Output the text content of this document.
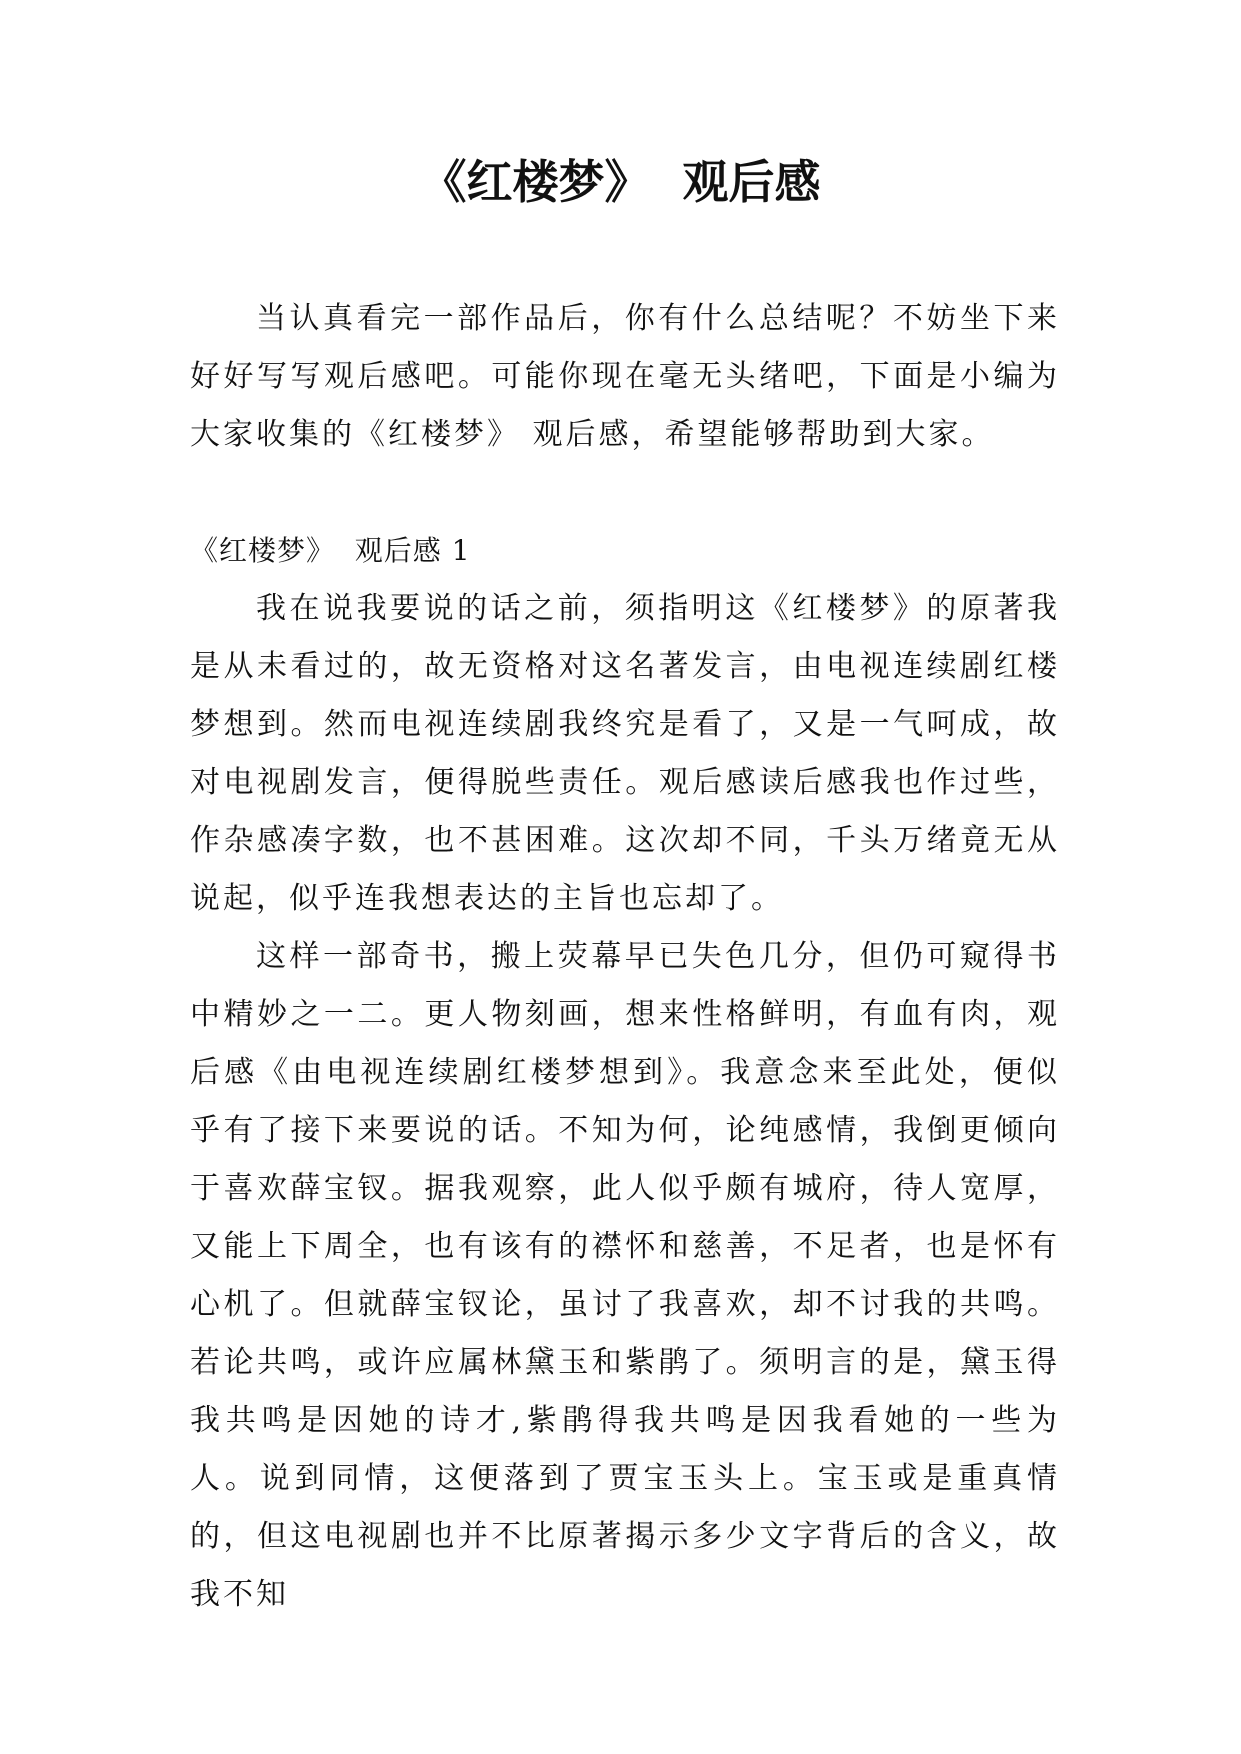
《红楼梦》  观后感

当认真看完一部作品后，你有什么总结呢？不妨坐下来好好写写观后感吧。可能你现在毫无头绪吧，下面是小编为大家收集的《红楼梦》 观后感，希望能够帮助到大家。

《红楼梦》  观后感 1

我在说我要说的话之前，须指明这《红楼梦》的原著我是从未看过的，故无资格对这名著发言，由电视连续剧红楼梦想到。然而电视连续剧我终究是看了，又是一气呵成，故对电视剧发言，便得脱些责任。观后感读后感我也作过些，作杂感凑字数，也不甚困难。这次却不同，千头万绪竟无从说起，似乎连我想表达的主旨也忘却了。

这样一部奇书，搬上荧幕早已失色几分，但仍可窥得书中精妙之一二。更人物刻画，想来性格鲜明，有血有肉，观后感《由电视连续剧红楼梦想到》。我意念来至此处，便似乎有了接下来要说的话。不知为何，论纯感情，我倒更倾向于喜欢薛宝钗。据我观察，此人似乎颇有城府，待人宽厚，又能上下周全，也有该有的襟怀和慈善，不足者，也是怀有心机了。但就薛宝钗论，虽讨了我喜欢，却不讨我的共鸣。若论共鸣，或许应属林黛玉和紫鹃了。须明言的是，黛玉得我共鸣是因她的诗才,紫鹃得我共鸣是因我看她的一些为人。说到同情，这便落到了贾宝玉头上。宝玉或是重真情的，但这电视剧也并不比原著揭示多少文字背后的含义，故我不知
